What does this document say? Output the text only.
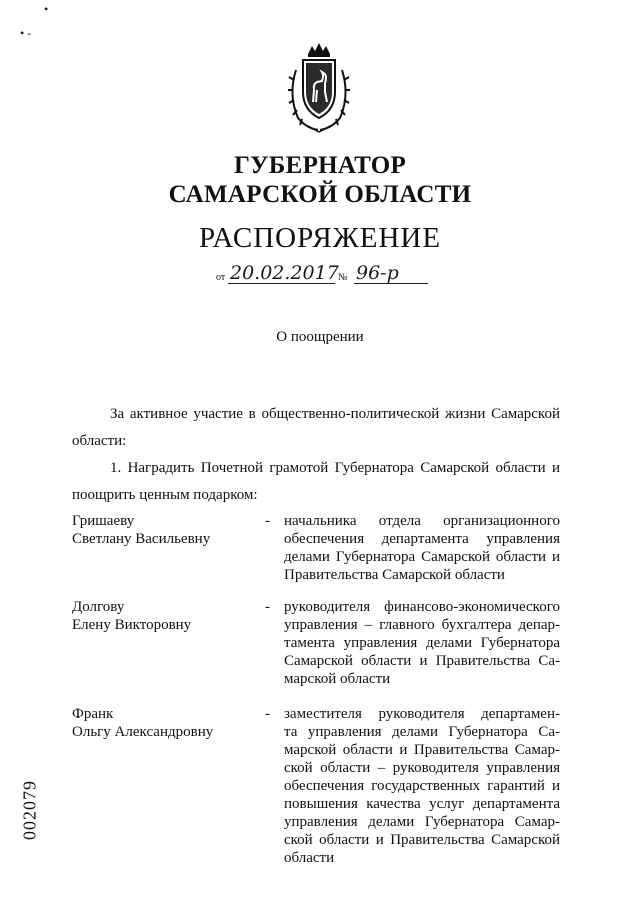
•
• -
ГУБЕРНАТОР
САМАРСКОЙ ОБЛАСТИ
РАСПОРЯЖЕНИЕ
от 20.02.2017 № 96-р
О поощрении
За активное участие в общественно-политической жизни Самарской области:
1. Наградить Почетной грамотой Губернатора Самарской области и поощрить ценным подарком:
Гришаеву
Светлану Васильевну
- начальника отдела организационного
обеспечения департамента управления
делами Губернатора Самарской области и
Правительства Самарской области
Долгову
Елену Викторовну
- руководителя финансово-экономического
управления – главного бухгалтера депар-
тамента управления делами Губернатора
Самарской области и Правительства Са-
марской области
Франк
Ольгу Александровну
- заместителя руководителя департамен-
та управления делами Губернатора Са-
марской области и Правительства Самар-
ской области – руководителя управления
обеспечения государственных гарантий и
повышения качества услуг департамента
управления делами Губернатора Самар-
ской области и Правительства Самарской
области
002079
